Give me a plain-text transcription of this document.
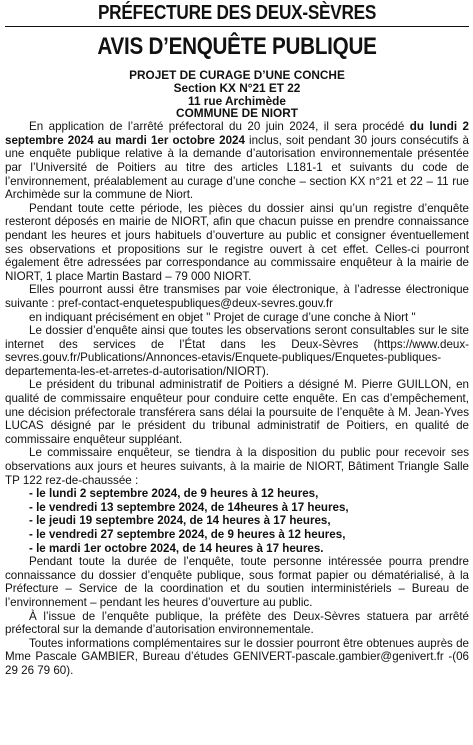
PRÉFECTURE DES DEUX-SÈVRES
AVIS D’ENQUÊTE PUBLIQUE
PROJET DE CURAGE D’UNE CONCHE
Section KX N°21 ET 22
11 rue Archimède
COMMUNE DE NIORT

En application de l’arrêté préfectoral du 20 juin 2024, il sera procédé du lundi 2 septembre 2024 au mardi 1er octobre 2024 inclus, soit pendant 30 jours consécutifs à une enquête publique relative à la demande d’autorisation environnementale présentée par l’Université de Poitiers au titre des articles L181-1 et suivants du code de l’environnement, préalablement au curage d’une conche – section KX n°21 et 22 – 11 rue Archimède sur la commune de Niort.

Pendant toute cette période, les pièces du dossier ainsi qu’un registre d’enquête resteront déposés en mairie de NIORT, afin que chacun puisse en prendre connaissance pendant les heures et jours habituels d’ouverture au public et consigner éventuellement ses observations et propositions sur le registre ouvert à cet effet. Celles-ci pourront également être adressées par correspondance au commissaire enquêteur à la mairie de NIORT, 1 place Martin Bastard – 79 000 NIORT.

Elles pourront aussi être transmises par voie électronique, à l’adresse électronique suivante : pref-contact-enquetespubliques@deux-sevres.gouv.fr
en indiquant précisément en objet " Projet de curage d’une conche à Niort "

Le dossier d’enquête ainsi que toutes les observations seront consultables sur le site internet des services de l’État dans les Deux-Sèvres (https://www.deux-sevres.gouv.fr/Publications/Annonces-etavis/Enquete-publiques/Enquetes-publiques-departementa-les-et-arretes-d-autorisation/NIORT).

Le président du tribunal administratif de Poitiers a désigné M. Pierre GUILLON, en qualité de commissaire enquêteur pour conduire cette enquête. En cas d’empêchement, une décision préfectorale transférera sans délai la poursuite de l’enquête à M. Jean-Yves LUCAS désigné par le président du tribunal administratif de Poitiers, en qualité de commissaire enquêteur suppléant.

Le commissaire enquêteur, se tiendra à la disposition du public pour recevoir ses observations aux jours et heures suivants, à la mairie de NIORT, Bâtiment Triangle Salle TP 122 rez-de-chaussée :

- le lundi 2 septembre 2024, de 9 heures à 12 heures,
- le vendredi 13 septembre 2024, de 14heures à 17 heures,
- le jeudi 19 septembre 2024, de 14 heures à 17 heures,
- le vendredi 27 septembre 2024, de 9 heures à 12 heures,
- le mardi 1er octobre 2024, de 14 heures à 17 heures.

Pendant toute la durée de l’enquête, toute personne intéressée pourra prendre connaissance du dossier d’enquête publique, sous format papier ou dématérialisé, à la Préfecture – Service de la coordination et du soutien interministériels – Bureau de l’environnement – pendant les heures d’ouverture au public.

À l’issue de l’enquête publique, la préfète des Deux-Sèvres statuera par arrêté préfectoral sur la demande d’autorisation environnementale.

Toutes informations complémentaires sur le dossier pourront être obtenues auprès de Mme Pascale GAMBIER, Bureau d’études GENIVERT-pascale.gambier@genivert.fr -(06 29 26 79 60).
